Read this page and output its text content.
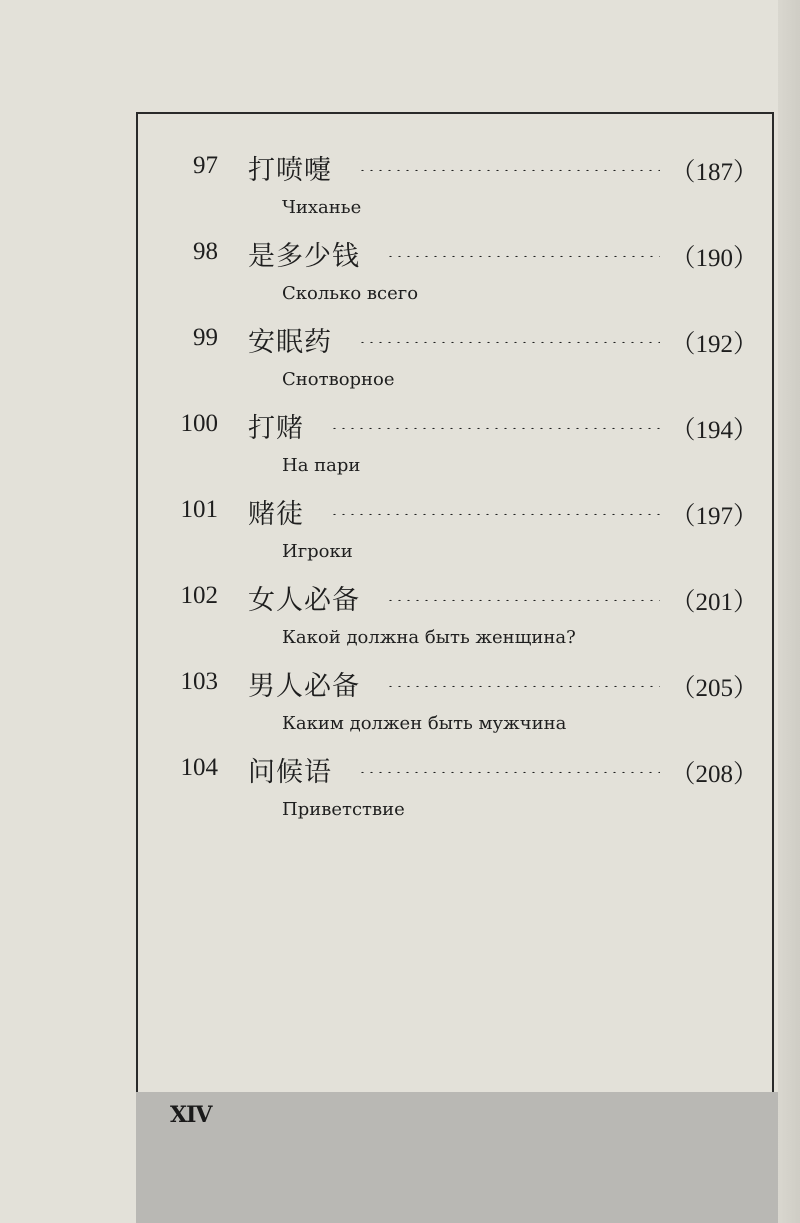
97 打喷嚏	（187）
Чиханье
98 是多少钱	（190）
Сколько всего
99 安眠药	（192）
Снотворное
100 打赌	（194）
На пари
101 赌徒	（197）
Игроки
102 女人必备	（201）
Какой должна быть женщина?
103 男人必备	（205）
Каким должен быть мужчина
104 问候语	（208）
Приветствие
XIV
